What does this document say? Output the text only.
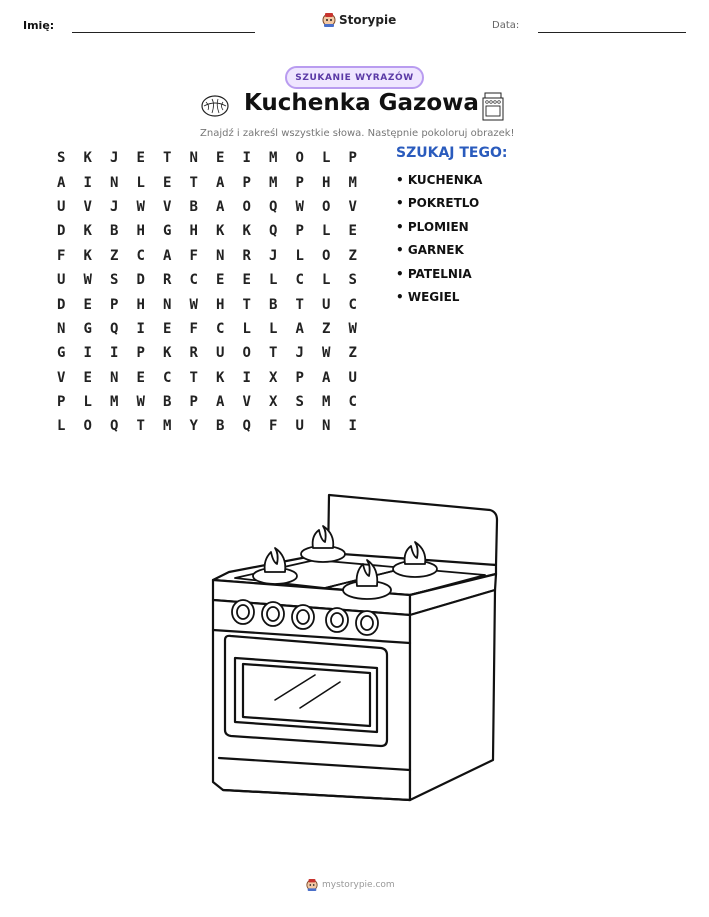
Imię:	Storypie	Data:
SZUKANIE WYRAZÓW
Kuchenka Gazowa
Znajdź i zakreśl wszystkie słowa. Następnie pokoloruj obrazek!
S	K	J	E	T	N	E	I	M	O	L	P
A	I	N	L	E	T	A	P	M	P	H	M
U	V	J	W	V	B	A	O	Q	W	O	V
D	K	B	H	G	H	K	K	Q	P	L	E
F	K	Z	C	A	F	N	R	J	L	O	Z
U	W	S	D	R	C	E	E	L	C	L	S
D	E	P	H	N	W	H	T	B	T	U	C
N	G	Q	I	E	F	C	L	L	A	Z	W
G	I	I	P	K	R	U	O	T	J	W	Z
V	E	N	E	C	T	K	I	X	P	A	U
P	L	M	W	B	P	A	V	X	S	M	C
L	O	Q	T	M	Y	B	Q	F	U	N	I
SZUKAJ TEGO:
• KUCHENKA
• POKRETLO
• PLOMIEN
• GARNEK
• PATELNIA
• WEGIEL
mystorypie.com
